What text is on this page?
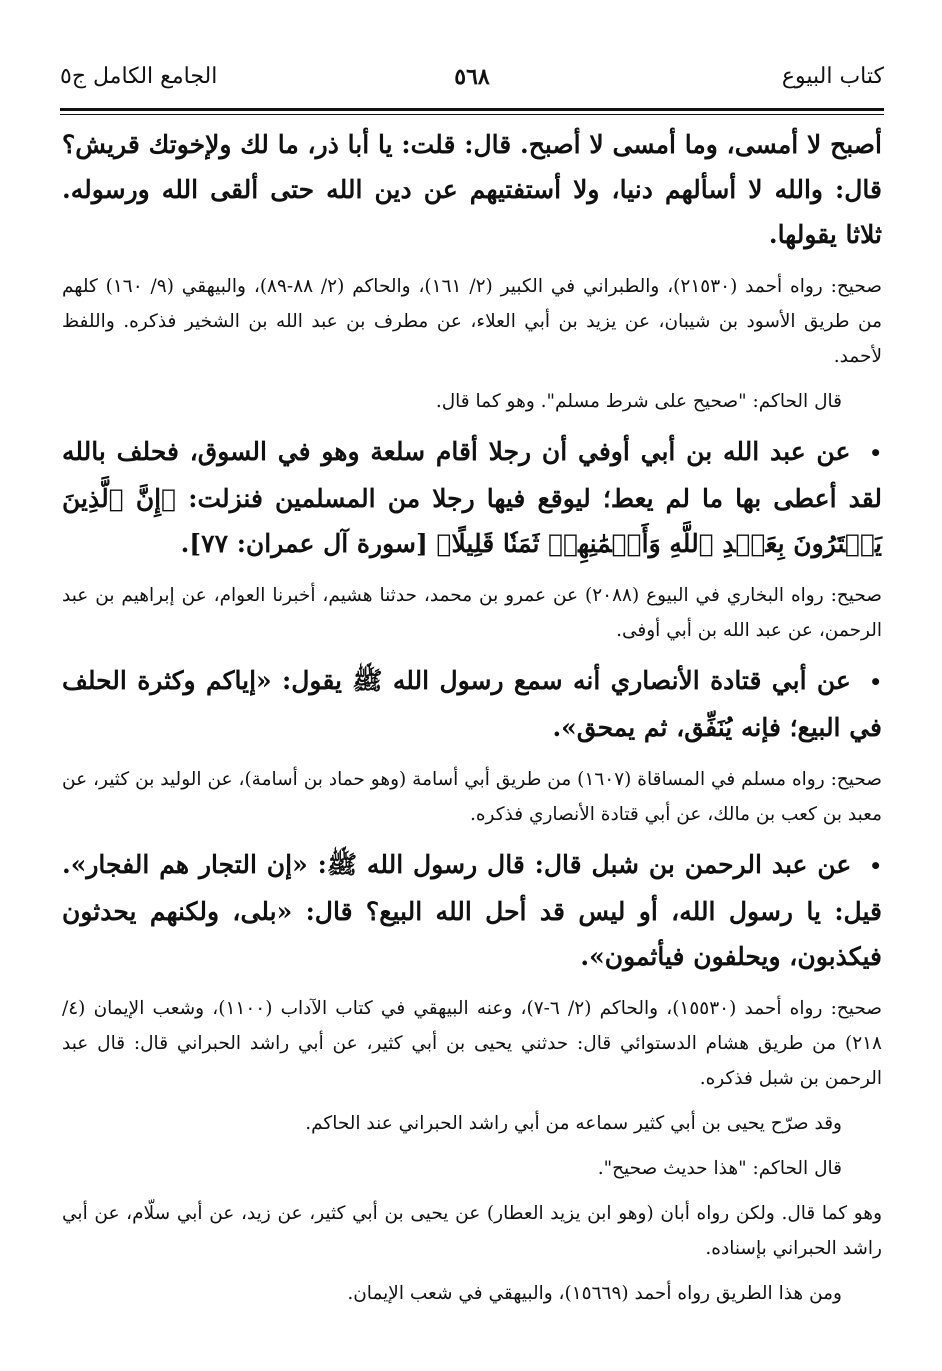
كتاب البيوع
٥٦٨
الجامع الكامل ج٥

أصبح لا أمسى، وما أمسى لا أصبح. قال: قلت: يا أبا ذر، ما لك ولإخوتك قريش؟ قال: والله لا أسألهم دنيا، ولا أستفتيهم عن دين الله حتى ألقى الله ورسوله. ثلاثا يقولها.

صحيح: رواه أحمد (٢١٥٣٠)، والطبراني في الكبير (٢/ ١٦١)، والحاكم (٢/ ٨٨-٨٩)، والبيهقي (٩/ ١٦٠) كلهم من طريق الأسود بن شيبان، عن يزيد بن أبي العلاء، عن مطرف بن عبد الله بن الشخير فذكره. واللفظ لأحمد.

قال الحاكم: "صحيح على شرط مسلم". وهو كما قال.

• عن عبد الله بن أبي أوفي أن رجلا أقام سلعة وهو في السوق، فحلف بالله لقد أعطى بها ما لم يعط؛ ليوقع فيها رجلا من المسلمين فنزلت: ﴿إِنَّ ٱلَّذِينَ يَشۡتَرُونَ بِعَهۡدِ ٱللَّهِ وَأَيۡمَٰنِهِمۡ ثَمَنٗا قَلِيلًا﴾ [سورة آل عمران: ٧٧].

صحيح: رواه البخاري في البيوع (٢٠٨٨) عن عمرو بن محمد، حدثنا هشيم، أخبرنا العوام، عن إبراهيم بن عبد الرحمن، عن عبد الله بن أبي أوفى.

• عن أبي قتادة الأنصاري أنه سمع رسول الله ﷺ يقول: «إياكم وكثرة الحلف في البيع؛ فإنه يُنَفِّق، ثم يمحق».

صحيح: رواه مسلم في المساقاة (١٦٠٧) من طريق أبي أسامة (وهو حماد بن أسامة)، عن الوليد بن كثير، عن معبد بن كعب بن مالك، عن أبي قتادة الأنصاري فذكره.

• عن عبد الرحمن بن شبل قال: قال رسول الله ﷺ: «إن التجار هم الفجار». قيل: يا رسول الله، أو ليس قد أحل الله البيع؟ قال: «بلى، ولكنهم يحدثون فيكذبون، ويحلفون فيأثمون».

صحيح: رواه أحمد (١٥٥٣٠)، والحاكم (٢/ ٦-٧)، وعنه البيهقي في كتاب الآداب (١١٠٠)، وشعب الإيمان (٤/ ٢١٨) من طريق هشام الدستوائي قال: حدثني يحيى بن أبي كثير، عن أبي راشد الحبراني قال: قال عبد الرحمن بن شبل فذكره.

وقد صرّح يحيى بن أبي كثير سماعه من أبي راشد الحبراني عند الحاكم.

قال الحاكم: "هذا حديث صحيح".

وهو كما قال. ولكن رواه أبان (وهو ابن يزيد العطار) عن يحيى بن أبي كثير، عن زيد، عن أبي سلّام، عن أبي راشد الحبراني بإسناده.

ومن هذا الطريق رواه أحمد (١٥٦٦٩)، والبيهقي في شعب الإيمان.
